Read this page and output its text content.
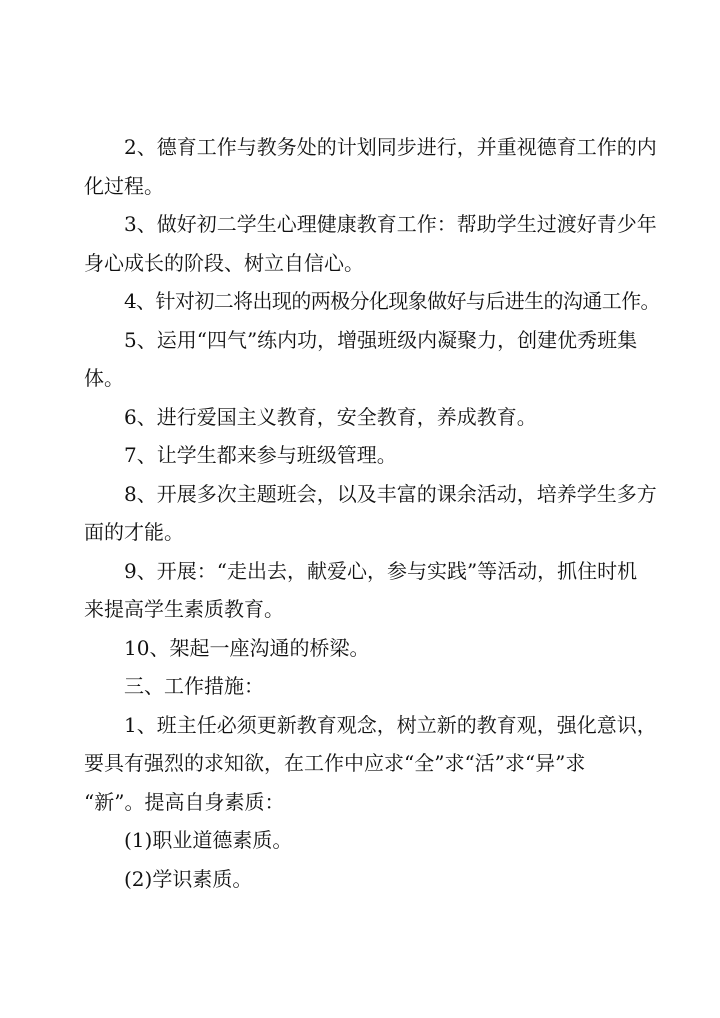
2、德育工作与教务处的计划同步进行，并重视德育工作的内
化过程。

3、做好初二学生心理健康教育工作：帮助学生过渡好青少年
身心成长的阶段、树立自信心。

4、针对初二将出现的两极分化现象做好与后进生的沟通工作。

5、运用“四气”练内功，增强班级内凝聚力，创建优秀班集
体。

6、进行爱国主义教育，安全教育，养成教育。

7、让学生都来参与班级管理。

8、开展多次主题班会，以及丰富的课余活动，培养学生多方
面的才能。

9、开展：“走出去，献爱心，参与实践”等活动，抓住时机
来提高学生素质教育。

10、架起一座沟通的桥梁。

三、工作措施：

1、班主任必须更新教育观念，树立新的教育观，强化意识，
要具有强烈的求知欲，在工作中应求“全”求“活”求“异”求
“新”。提高自身素质：

(1)职业道德素质。

(2)学识素质。
